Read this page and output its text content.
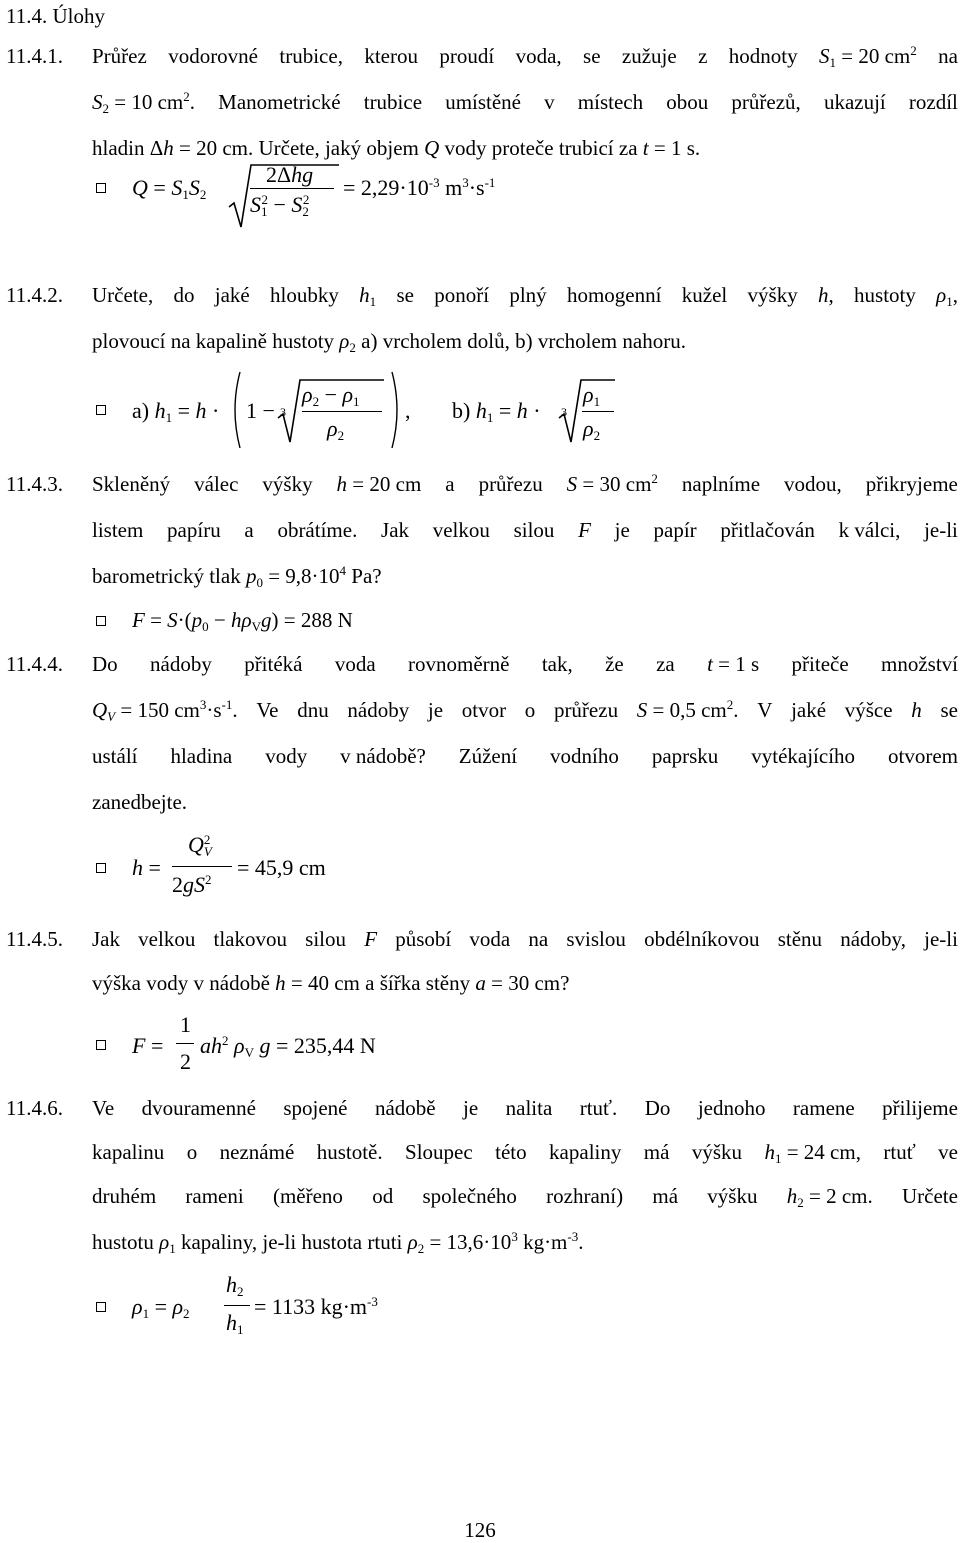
11.4. Úlohy
11.4.1. Průřez vodorovné trubice, kterou proudí voda, se zužuje z hodnoty $S_1 = 20$ $cm^2$ na
$S_2 = 10$ $cm^2$. Manometrické trubice umístěné v místech obou průřezů, ukazují rozdíl
hladin Δh = 20 cm. Určete, jaký objem Q vody proteče trubicí za t = 1 s.
$Q = S_1S_2$
2Δhg
$S_1^2 - S_2^2 = 2,29\cdot 10^{-3}$ $m^3\cdot s^{-1}$
11.4.2. Určete, do jaké hloubky $h_1$ se ponoří plný homogenní kužel výšky h, hustoty $\rho_1$,
plovoucí na kapalině hustoty $\rho_2$ a) vrcholem dolů, b) vrcholem nahoru.
a) $h_1 = h \cdot 1 - 3$
$\rho_2 - \rho_1$
$\rho_2$
, b) $h_1 = h \cdot 3$
$\rho_1$
$\rho_2$
11.4.3. Skleněný válec výšky h = 20 cm a průřezu S = 30 $cm^2$ naplníme vodou, přikryjeme
listem papíru a obrátíme. Jak velkou silou F je papír přitlačován k válci, je-li
barometrický tlak $p_0 = 9,8\cdot 10^4$ Pa?
$F = S\cdot(p_0 - h\rho_Vg) = 288$ N
11.4.4. Do nádoby přitéká voda rovnoměrně tak, že za t = 1 s přiteče množství
$Q_V = 150$ $cm^3\cdot s^{-1}$. Ve dnu nádoby je otvor o průřezu S = 0,5 $cm^2$. V jaké výšce h se
ustálí hladina vody v nádobě? Zúžení vodního paprsku vytékajícího otvorem
zanedbejte.
h =
$Q_V^2$
$2gS^2 = 45,9$ cm
11.4.5. Jak velkou tlakovou silou F působí voda na svislou obdélníkovou stěnu nádoby, je-li
výška vody v nádobě h = 40 cm a šířka stěny a = 30 cm?
F =
1
2
$ah^2$ $\rho_V$ g = 235,44 N
11.4.6. Ve dvouramenné spojené nádobě je nalita rtuť. Do jednoho ramene přilijeme
kapalinu o neznámé hustotě. Sloupec této kapaliny má výšku $h_1 = 24$ cm, rtuť ve
druhém rameni (měřeno od společného rozhraní) má výšku $h_2 = 2$ cm. Určete
hustotu $\rho_1$ kapaliny, je-li hustota rtuti $\rho_2 = 13,6\cdot 10^3$ $kg\cdot m^{-3}$.
$\rho_1 = \rho_2$
$h_2$
$h_1$
= 1133 $kg\cdot m^{-3}$
126
